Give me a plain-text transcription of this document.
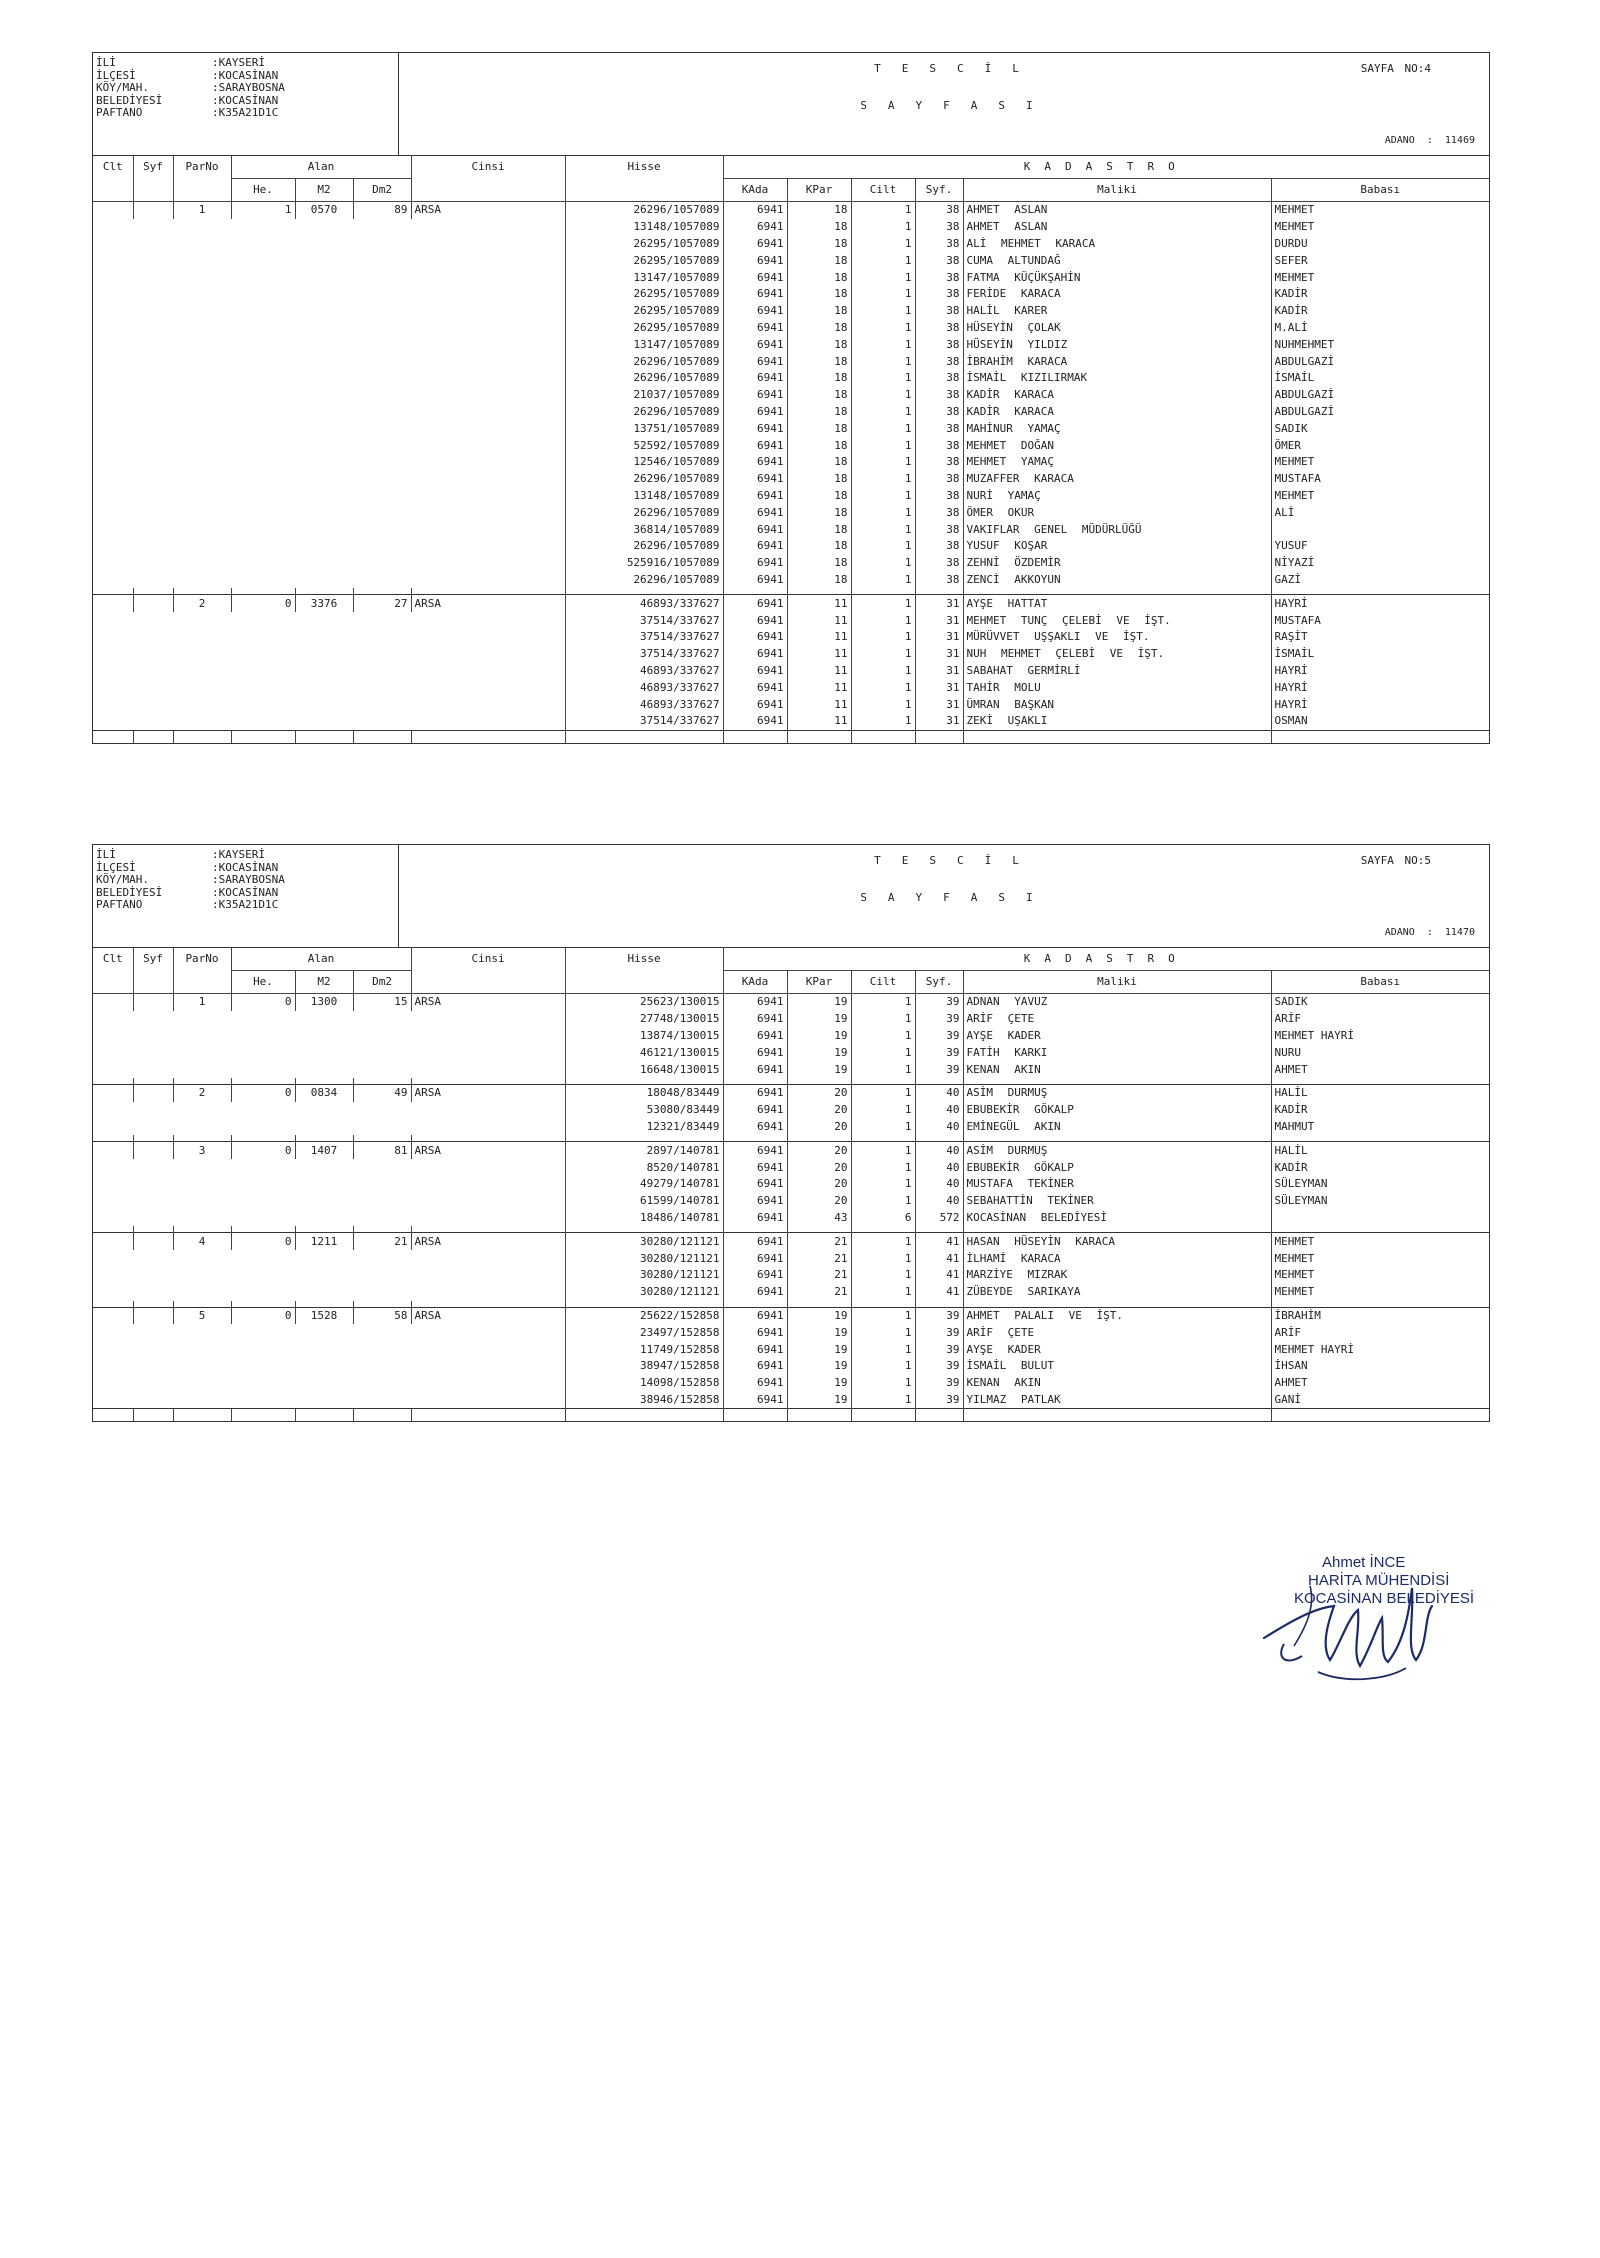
İLİ	:KAYSERİ
İLÇESİ	:KOCASİNAN
KÖY/MAH.	:SARAYBOSNA
BELEDİYESİ	:KOCASİNAN
PAFTANO	:K35A21D1C
TESCİL
SAYFASI
SAYFA NO:4
ADANO : 11469
Clt	Syf	ParNo	Alan			Cinsi	Hisse	KADASTRO					
			He.	M2	Dm2			KAda	KPar	Cilt	Syf.	Maliki	Babası
		1	1	0570	89	ARSA	26296/1057089	6941	18	1	38	AHMET ASLAN	MEHMET
							13148/1057089	6941	18	1	38	AHMET ASLAN	MEHMET
							26295/1057089	6941	18	1	38	ALİ MEHMET KARACA	DURDU
							26295/1057089	6941	18	1	38	CUMA ALTUNDAĞ	SEFER
							13147/1057089	6941	18	1	38	FATMA KÜÇÜKŞAHİN	MEHMET
							26295/1057089	6941	18	1	38	FERİDE KARACA	KADİR
							26295/1057089	6941	18	1	38	HALİL KARER	KADİR
							26295/1057089	6941	18	1	38	HÜSEYİN ÇOLAK	M.ALİ
							13147/1057089	6941	18	1	38	HÜSEYİN YILDIZ	NUHMEHMET
							26296/1057089	6941	18	1	38	İBRAHİM KARACA	ABDULGAZİ
							26296/1057089	6941	18	1	38	İSMAİL KIZILIRMAK	İSMAİL
							21037/1057089	6941	18	1	38	KADİR KARACA	ABDULGAZİ
							26296/1057089	6941	18	1	38	KADİR KARACA	ABDULGAZİ
							13751/1057089	6941	18	1	38	MAHİNUR YAMAÇ	SADIK
							52592/1057089	6941	18	1	38	MEHMET DOĞAN	ÖMER
							12546/1057089	6941	18	1	38	MEHMET YAMAÇ	MEHMET
							26296/1057089	6941	18	1	38	MUZAFFER KARACA	MUSTAFA
							13148/1057089	6941	18	1	38	NURİ YAMAÇ	MEHMET
							26296/1057089	6941	18	1	38	ÖMER OKUR	ALİ
							36814/1057089	6941	18	1	38	VAKIFLAR GENEL MÜDÜRLÜĞÜ	
							26296/1057089	6941	18	1	38	YUSUF KOŞAR	YUSUF
							525916/1057089	6941	18	1	38	ZEHNİ ÖZDEMİR	NİYAZİ
							26296/1057089	6941	18	1	38	ZENCİ AKKOYUN	GAZİ

		2	0	3376	27	ARSA	46893/337627	6941	11	1	31	AYŞE HATTAT	HAYRİ
							37514/337627	6941	11	1	31	MEHMET TUNÇ ÇELEBİ VE İŞT.	MUSTAFA
							37514/337627	6941	11	1	31	MÜRÜVVET UŞŞAKLI VE İŞT.	RAŞİT
							37514/337627	6941	11	1	31	NUH MEHMET ÇELEBİ VE İŞT.	İSMAİL
							46893/337627	6941	11	1	31	SABAHAT GERMİRLİ	HAYRİ
							46893/337627	6941	11	1	31	TAHİR MOLU	HAYRİ
							46893/337627	6941	11	1	31	ÜMRAN BAŞKAN	HAYRİ
							37514/337627	6941	11	1	31	ZEKİ UŞAKLI	OSMAN

İLİ	:KAYSERİ
İLÇESİ	:KOCASİNAN
KÖY/MAH.	:SARAYBOSNA
BELEDİYESİ	:KOCASİNAN
PAFTANO	:K35A21D1C
TESCİL
SAYFASI
SAYFA NO:5
ADANO : 11470
Clt	Syf	ParNo	Alan			Cinsi	Hisse	KADASTRO					
			He.	M2	Dm2			KAda	KPar	Cilt	Syf.	Maliki	Babası
		1	0	1300	15	ARSA	25623/130015	6941	19	1	39	ADNAN YAVUZ	SADIK
							27748/130015	6941	19	1	39	ARİF ÇETE	ARİF
							13874/130015	6941	19	1	39	AYŞE KADER	MEHMET HAYRİ
							46121/130015	6941	19	1	39	FATİH KARKI	NURU
							16648/130015	6941	19	1	39	KENAN AKIN	AHMET

		2	0	0834	49	ARSA	18048/83449	6941	20	1	40	ASİM DURMUŞ	HALİL
							53080/83449	6941	20	1	40	EBUBEKİR GÖKALP	KADİR
							12321/83449	6941	20	1	40	EMİNEGÜL AKIN	MAHMUT

		3	0	1407	81	ARSA	2897/140781	6941	20	1	40	ASİM DURMUŞ	HALİL
							8520/140781	6941	20	1	40	EBUBEKİR GÖKALP	KADİR
							49279/140781	6941	20	1	40	MUSTAFA TEKİNER	SÜLEYMAN
							61599/140781	6941	20	1	40	SEBAHATTİN TEKİNER	SÜLEYMAN
							18486/140781	6941	43	6	572	KOCASİNAN BELEDİYESİ	

		4	0	1211	21	ARSA	30280/121121	6941	21	1	41	HASAN HÜSEYİN KARACA	MEHMET
							30280/121121	6941	21	1	41	İLHAMİ KARACA	MEHMET
							30280/121121	6941	21	1	41	MARZİYE MIZRAK	MEHMET
							30280/121121	6941	21	1	41	ZÜBEYDE SARIKAYA	MEHMET

		5	0	1528	58	ARSA	25622/152858	6941	19	1	39	AHMET PALALI VE İŞT.	İBRAHİM
							23497/152858	6941	19	1	39	ARİF ÇETE	ARİF
							11749/152858	6941	19	1	39	AYŞE KADER	MEHMET HAYRİ
							38947/152858	6941	19	1	39	İSMAİL BULUT	İHSAN
							14098/152858	6941	19	1	39	KENAN AKIN	AHMET
							38946/152858	6941	19	1	39	YILMAZ PATLAK	GANİ

Ahmet İNCE
HARİTA MÜHENDİSİ
KOCASİNAN BELEDİYESİ
